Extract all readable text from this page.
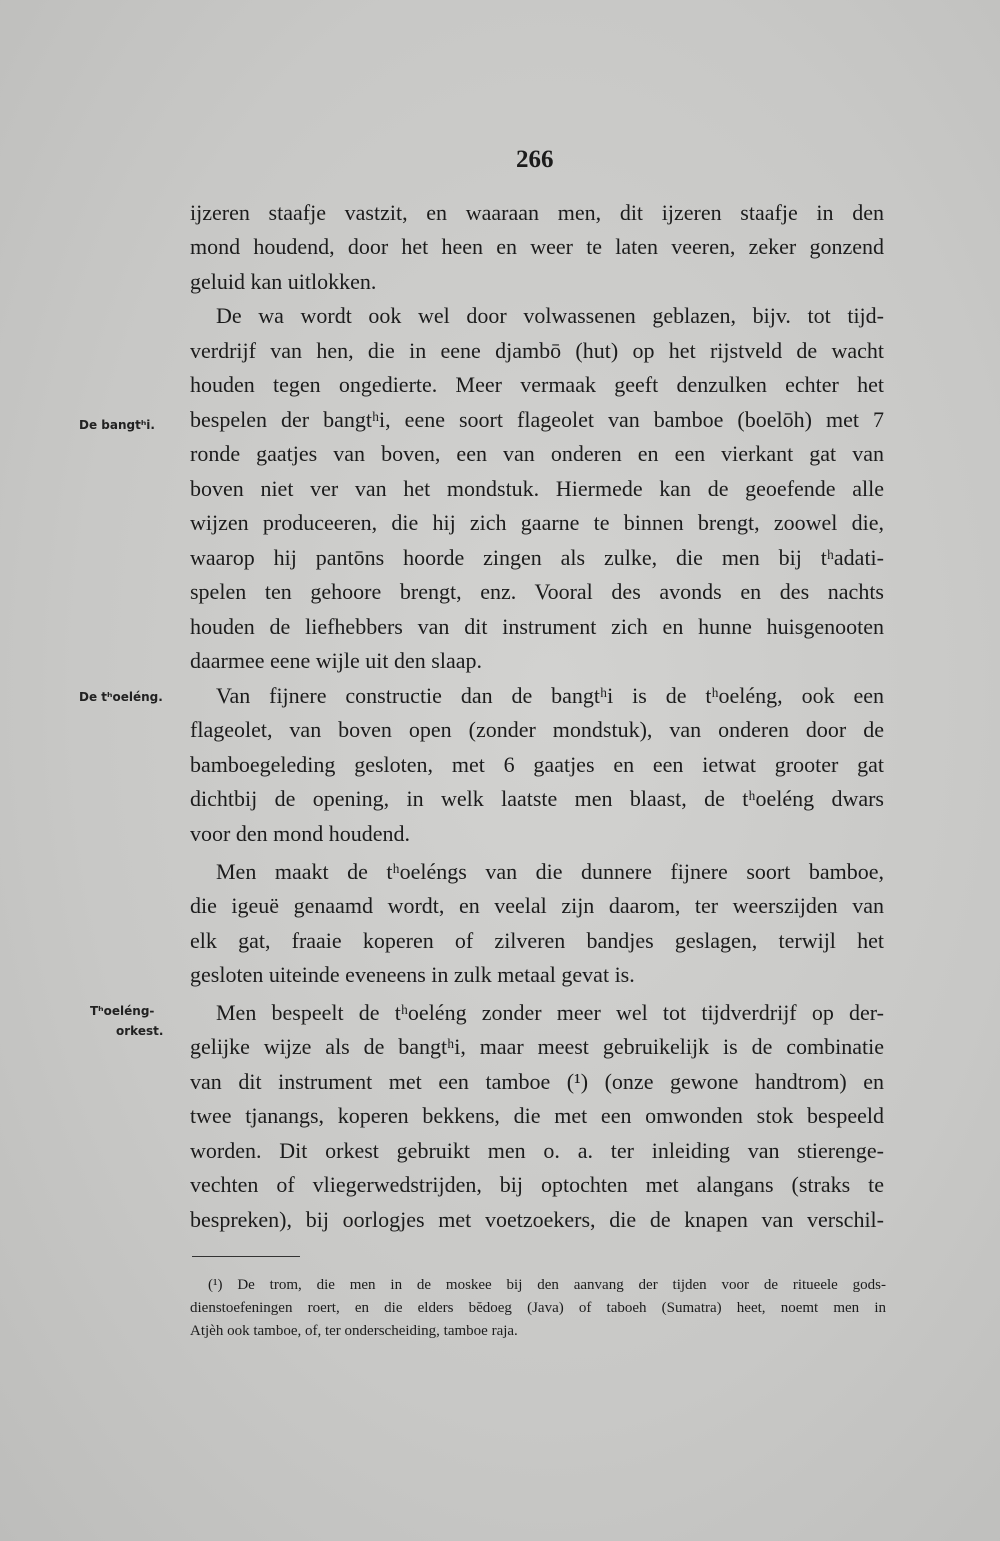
266
De bangtʰi.
De tʰoeléng.
Tʰoeléng-
orkest.
ijzeren staafje vastzit, en waaraan men, dit ijzeren staafje in den
mond houdend, door het heen en weer te laten veeren, zeker gonzend
geluid kan uitlokken.
De wa wordt ook wel door volwassenen geblazen, bijv. tot tijd-
verdrijf van hen, die in eene djambō (hut) op het rijstveld de wacht
houden tegen ongedierte. Meer vermaak geeft denzulken echter het
bespelen der bangtʰi, eene soort flageolet van bamboe (boelōh) met 7
ronde gaatjes van boven, een van onderen en een vierkant gat van
boven niet ver van het mondstuk. Hiermede kan de geoefende alle
wijzen produceeren, die hij zich gaarne te binnen brengt, zoowel die,
waarop hij pantōns hoorde zingen als zulke, die men bij tʰadati-
spelen ten gehoore brengt, enz. Vooral des avonds en des nachts
houden de liefhebbers van dit instrument zich en hunne huisgenooten
daarmee eene wijle uit den slaap.
Van fijnere constructie dan de bangtʰi is de tʰoeléng, ook een
flageolet, van boven open (zonder mondstuk), van onderen door de
bamboegeleding gesloten, met 6 gaatjes en een ietwat grooter gat
dichtbij de opening, in welk laatste men blaast, de tʰoeléng dwars
voor den mond houdend.
Men maakt de tʰoeléngs van die dunnere fijnere soort bamboe,
die igeuë genaamd wordt, en veelal zijn daarom, ter weerszijden van
elk gat, fraaie koperen of zilveren bandjes geslagen, terwijl het
gesloten uiteinde eveneens in zulk metaal gevat is.
Men bespeelt de tʰoeléng zonder meer wel tot tijdverdrijf op der-
gelijke wijze als de bangtʰi, maar meest gebruikelijk is de combinatie
van dit instrument met een tamboe (¹) (onze gewone handtrom) en
twee tjanangs, koperen bekkens, die met een omwonden stok bespeeld
worden. Dit orkest gebruikt men o. a. ter inleiding van stierenge-
vechten of vliegerwedstrijden, bij optochten met alangans (straks te
bespreken), bij oorlogjes met voetzoekers, die de knapen van verschil-
(¹) De trom, die men in de moskee bij den aanvang der tijden voor de ritueele gods-
dienstoefeningen roert, en die elders bĕdoeg (Java) of taboeh (Sumatra) heet, noemt men in
Atjèh ook tamboe, of, ter onderscheiding, tamboe raja.
